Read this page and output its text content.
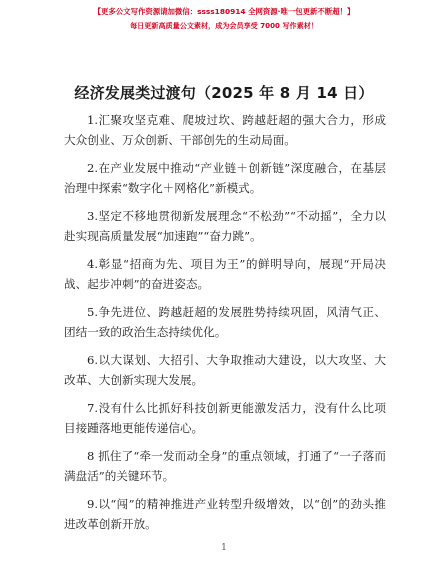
【更多公文写作资源请加微信：ssss180914 全网资源·唯一包更新不断超！】
每日更新高质量公文素材，成为会员享受 7000 写作素材！
经济发展类过渡句（2025 年 8 月 14 日）

1.汇聚攻坚克难、爬坡过坎、跨越赶超的强大合力，形成大众创业、万众创新、干部创先的生动局面。

2.在产业发展中推动“产业链＋创新链”深度融合，在基层治理中探索“数字化＋网格化”新模式。

3.坚定不移地贯彻新发展理念“不松劲”“不动摇”，全力以赴实现高质量发展“加速跑”“奋力跳”。

4.彰显“招商为先、项目为王”的鲜明导向，展现“开局决战、起步冲刺”的奋进姿态。

5.争先进位、跨越赶超的发展胜势持续巩固，风清气正、团结一致的政治生态持续优化。

6.以大谋划、大招引、大争取推动大建设，以大攻坚、大改革、大创新实现大发展。

7.没有什么比抓好科技创新更能激发活力，没有什么比项目接踵落地更能传递信心。

8 抓住了“牵一发而动全身”的重点领域，打通了“一子落而满盘活”的关键环节。

9.以“闯”的精神推进产业转型升级增效，以“创”的劲头推进改革创新开放。

1
